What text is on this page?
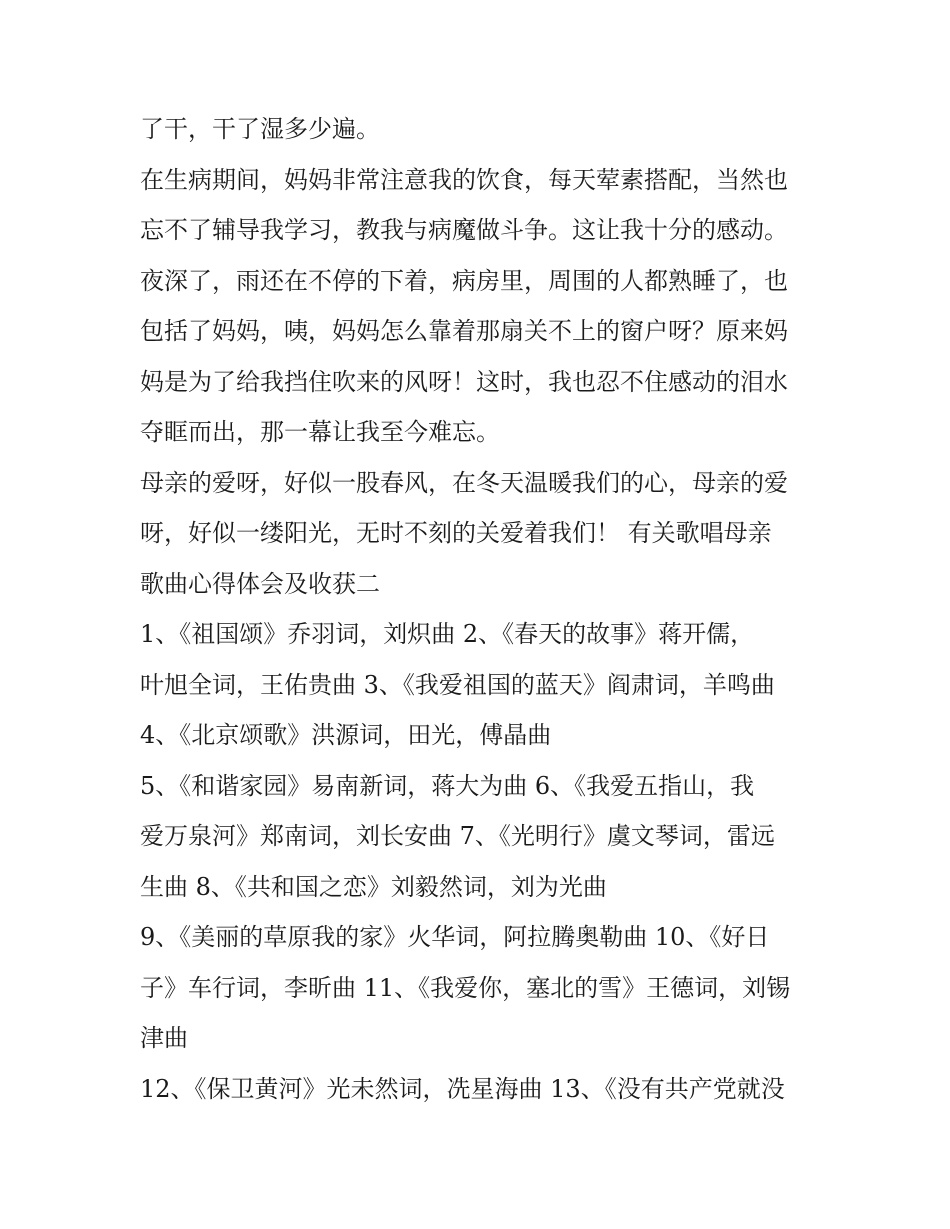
了干，干了湿多少遍。
在生病期间，妈妈非常注意我的饮食，每天荤素搭配，当然也
忘不了辅导我学习，教我与病魔做斗争。这让我十分的感动。
夜深了，雨还在不停的下着，病房里，周围的人都熟睡了，也
包括了妈妈，咦，妈妈怎么靠着那扇关不上的窗户呀？原来妈
妈是为了给我挡住吹来的风呀！这时，我也忍不住感动的泪水
夺眶而出，那一幕让我至今难忘。
母亲的爱呀，好似一股春风，在冬天温暖我们的心，母亲的爱
呀，好似一缕阳光，无时不刻的关爱着我们！ 有关歌唱母亲
歌曲心得体会及收获二
1、《祖国颂》乔羽词，刘炽曲 2、《春天的故事》蒋开儒，
叶旭全词，王佑贵曲 3、《我爱祖国的蓝天》阎肃词，羊鸣曲
4、《北京颂歌》洪源词，田光，傅晶曲
5、《和谐家园》易南新词，蒋大为曲 6、《我爱五指山，我
爱万泉河》郑南词，刘长安曲 7、《光明行》虞文琴词，雷远
生曲 8、《共和国之恋》刘毅然词，刘为光曲
9、《美丽的草原我的家》火华词，阿拉腾奥勒曲 10、《好日
子》车行词，李昕曲 11、《我爱你，塞北的雪》王德词，刘锡
津曲
12、《保卫黄河》光未然词，冼星海曲 13、《没有共产党就没
